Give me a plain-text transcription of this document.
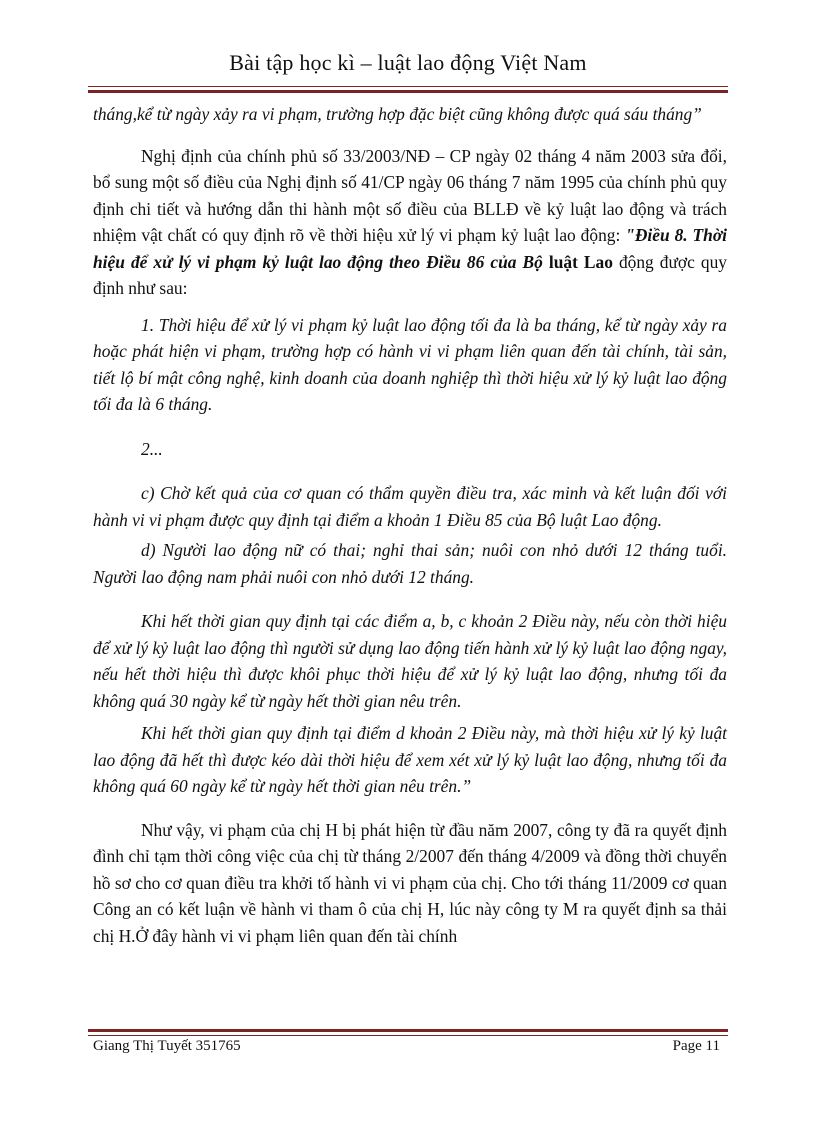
Bài tập học kì – luật lao động Việt Nam

tháng,kể từ ngày xảy ra vi phạm, trường hợp đặc biệt cũng không được quá sáu tháng”

Nghị định của chính phủ số 33/2003/NĐ – CP ngày 02 tháng 4 năm 2003 sửa đổi, bổ sung một số điều của Nghị định số 41/CP ngày 06 tháng 7 năm 1995 của chính phủ quy định chi tiết và hướng dẫn thi hành một số điều của BLLĐ về kỷ luật lao động và trách nhiệm vật chất có quy định rõ về thời hiệu xử lý vi phạm kỷ luật lao động: "Điều 8. Thời hiệu để xử lý vi phạm kỷ luật lao động theo Điều 86 của Bộ luật Lao động được quy định như sau:

1. Thời hiệu để xử lý vi phạm kỷ luật lao động tối đa là ba tháng, kể từ ngày xảy ra hoặc phát hiện vi phạm, trường hợp có hành vi vi phạm liên quan đến tài chính, tài sản, tiết lộ bí mật công nghệ, kinh doanh của doanh nghiệp thì thời hiệu xử lý kỷ luật lao động tối đa là 6 tháng.

2...

c) Chờ kết quả của cơ quan có thẩm quyền điều tra, xác minh và kết luận đối với hành vi vi phạm được quy định tại điểm a khoản 1 Điều 85 của Bộ luật Lao động.

d) Người lao động nữ có thai; nghỉ thai sản; nuôi con nhỏ dưới 12 tháng tuổi. Người lao động nam phải nuôi con nhỏ dưới 12 tháng.

Khi hết thời gian quy định tại các điểm a, b, c khoản 2 Điều này, nếu còn thời hiệu để xử lý kỷ luật lao động thì người sử dụng lao động tiến hành xử lý kỷ luật lao động ngay, nếu hết thời hiệu thì được khôi phục thời hiệu để xử lý kỷ luật lao động, nhưng tối đa không quá 30 ngày kể từ ngày hết thời gian nêu trên.

Khi hết thời gian quy định tại điểm d khoản 2 Điều này, mà thời hiệu xử lý kỷ luật lao động đã hết thì được kéo dài thời hiệu để xem xét xử lý kỷ luật lao động, nhưng tối đa không quá 60 ngày kể từ ngày hết thời gian nêu trên.”

Như vậy, vi phạm của chị H bị phát hiện từ đầu năm 2007, công ty đã ra quyết định đình chỉ tạm thời công việc của chị từ tháng 2/2007 đến tháng 4/2009 và đồng thời chuyển hồ sơ cho cơ quan điều tra khởi tố hành vi vi phạm của chị. Cho tới tháng 11/2009 cơ quan Công an có kết luận về hành vi tham ô của chị H, lúc này công ty M ra quyết định sa thải chị H.Ở đây hành vi vi phạm liên quan đến tài chính

Giang Thị Tuyết 351765	Page 11
